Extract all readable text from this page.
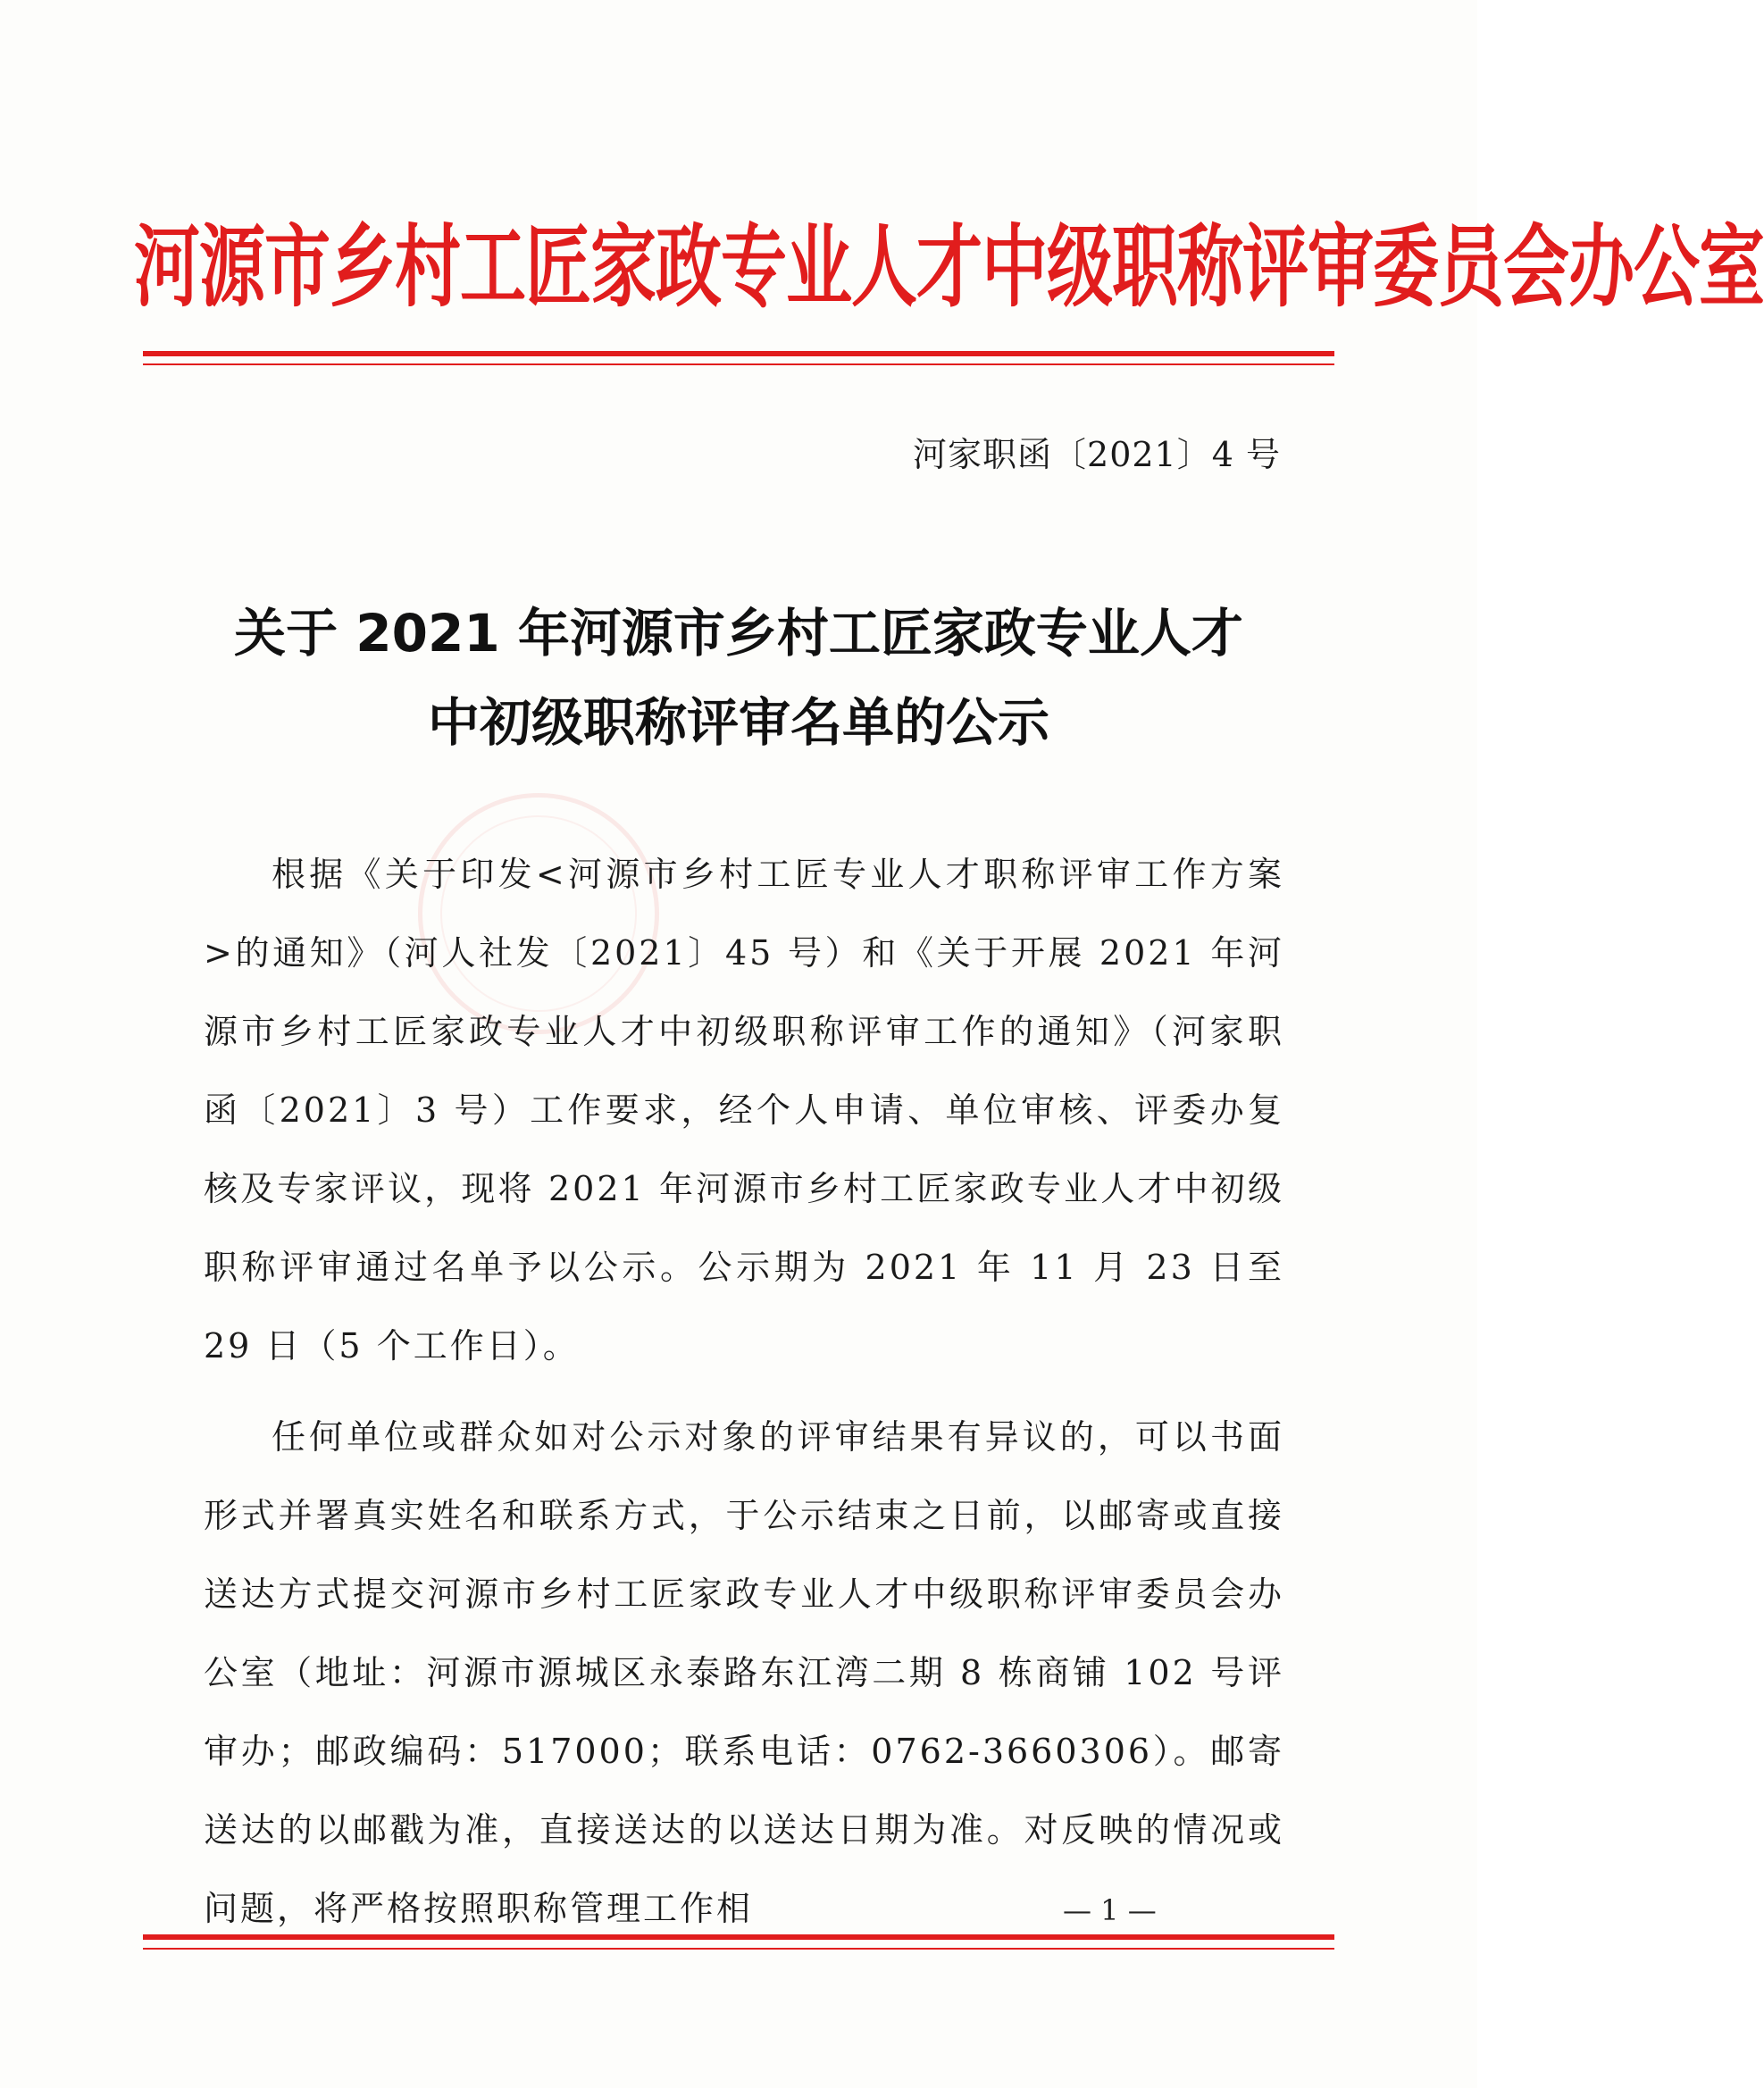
河源市乡村工匠家政专业人才中级职称评审委员会办公室
河家职函〔2021〕4 号
关于 2021 年河源市乡村工匠家政专业人才
中初级职称评审名单的公示

根据《关于印发<河源市乡村工匠专业人才职称评审工作方案>的通知》（河人社发〔2021〕45 号）和《关于开展 2021 年河源市乡村工匠家政专业人才中初级职称评审工作的通知》（河家职函〔2021〕3 号）工作要求，经个人申请、单位审核、评委办复核及专家评议，现将 2021 年河源市乡村工匠家政专业人才中初级职称评审通过名单予以公示。公示期为 2021 年 11 月 23 日至 29 日（5 个工作日）。

任何单位或群众如对公示对象的评审结果有异议的，可以书面形式并署真实姓名和联系方式，于公示结束之日前，以邮寄或直接送达方式提交河源市乡村工匠家政专业人才中级职称评审委员会办公室（地址：河源市源城区永泰路东江湾二期 8 栋商铺 102 号评审办；邮政编码：517000；联系电话：0762-3660306）。邮寄送达的以邮戳为准，直接送达的以送达日期为准。对反映的情况或问题，将严格按照职称管理工作相	— 1 —
